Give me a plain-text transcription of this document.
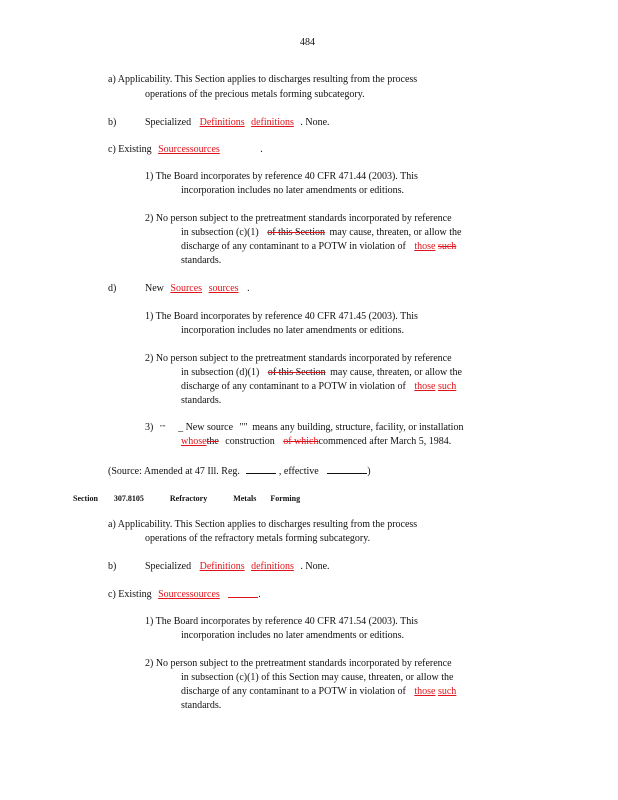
484
a) Applicability. This Section applies to discharges resulting from the process
operations of the precious metals forming subcategory.
b)	Specialized Definitions definitions . None.
c) Existing Sourcessources	.
1) The Board incorporates by reference 40 CFR 471.44 (2003). This
incorporation includes no later amendments or editions.
2) No person subject to the pretreatment standards incorporated by reference
in subsection (c)(1) of this Section may cause, threaten, or allow the
discharge of any contaminant to a POTW in violation of those such
standards.
d)	New Sources sources .
1) The Board incorporates by reference 40 CFR 471.45 (2003). This
incorporation includes no later amendments or editions.
2) No person subject to the pretreatment standards incorporated by reference
in subsection (d)(1) of this Section may cause, threaten, or allow the
discharge of any contaminant to a POTW in violation of those such
standards.
3) "" _ New source "" means any building, structure, facility, or installation
whosethe construction of whichcommenced after March 5, 1984.
(Source: Amended at 47 Ill. Reg.	, effective	)
Section 307.8105	Refractory	Metals Forming
a) Applicability. This Section applies to discharges resulting from the process
operations of the refractory metals forming subcategory.
b)	Specialized Definitions definitions . None.
c) Existing Sourcessources	.
1) The Board incorporates by reference 40 CFR 471.54 (2003). This
incorporation includes no later amendments or editions.
2) No person subject to the pretreatment standards incorporated by reference
in subsection (c)(1) of this Section may cause, threaten, or allow the
discharge of any contaminant to a POTW in violation of those such
standards.
